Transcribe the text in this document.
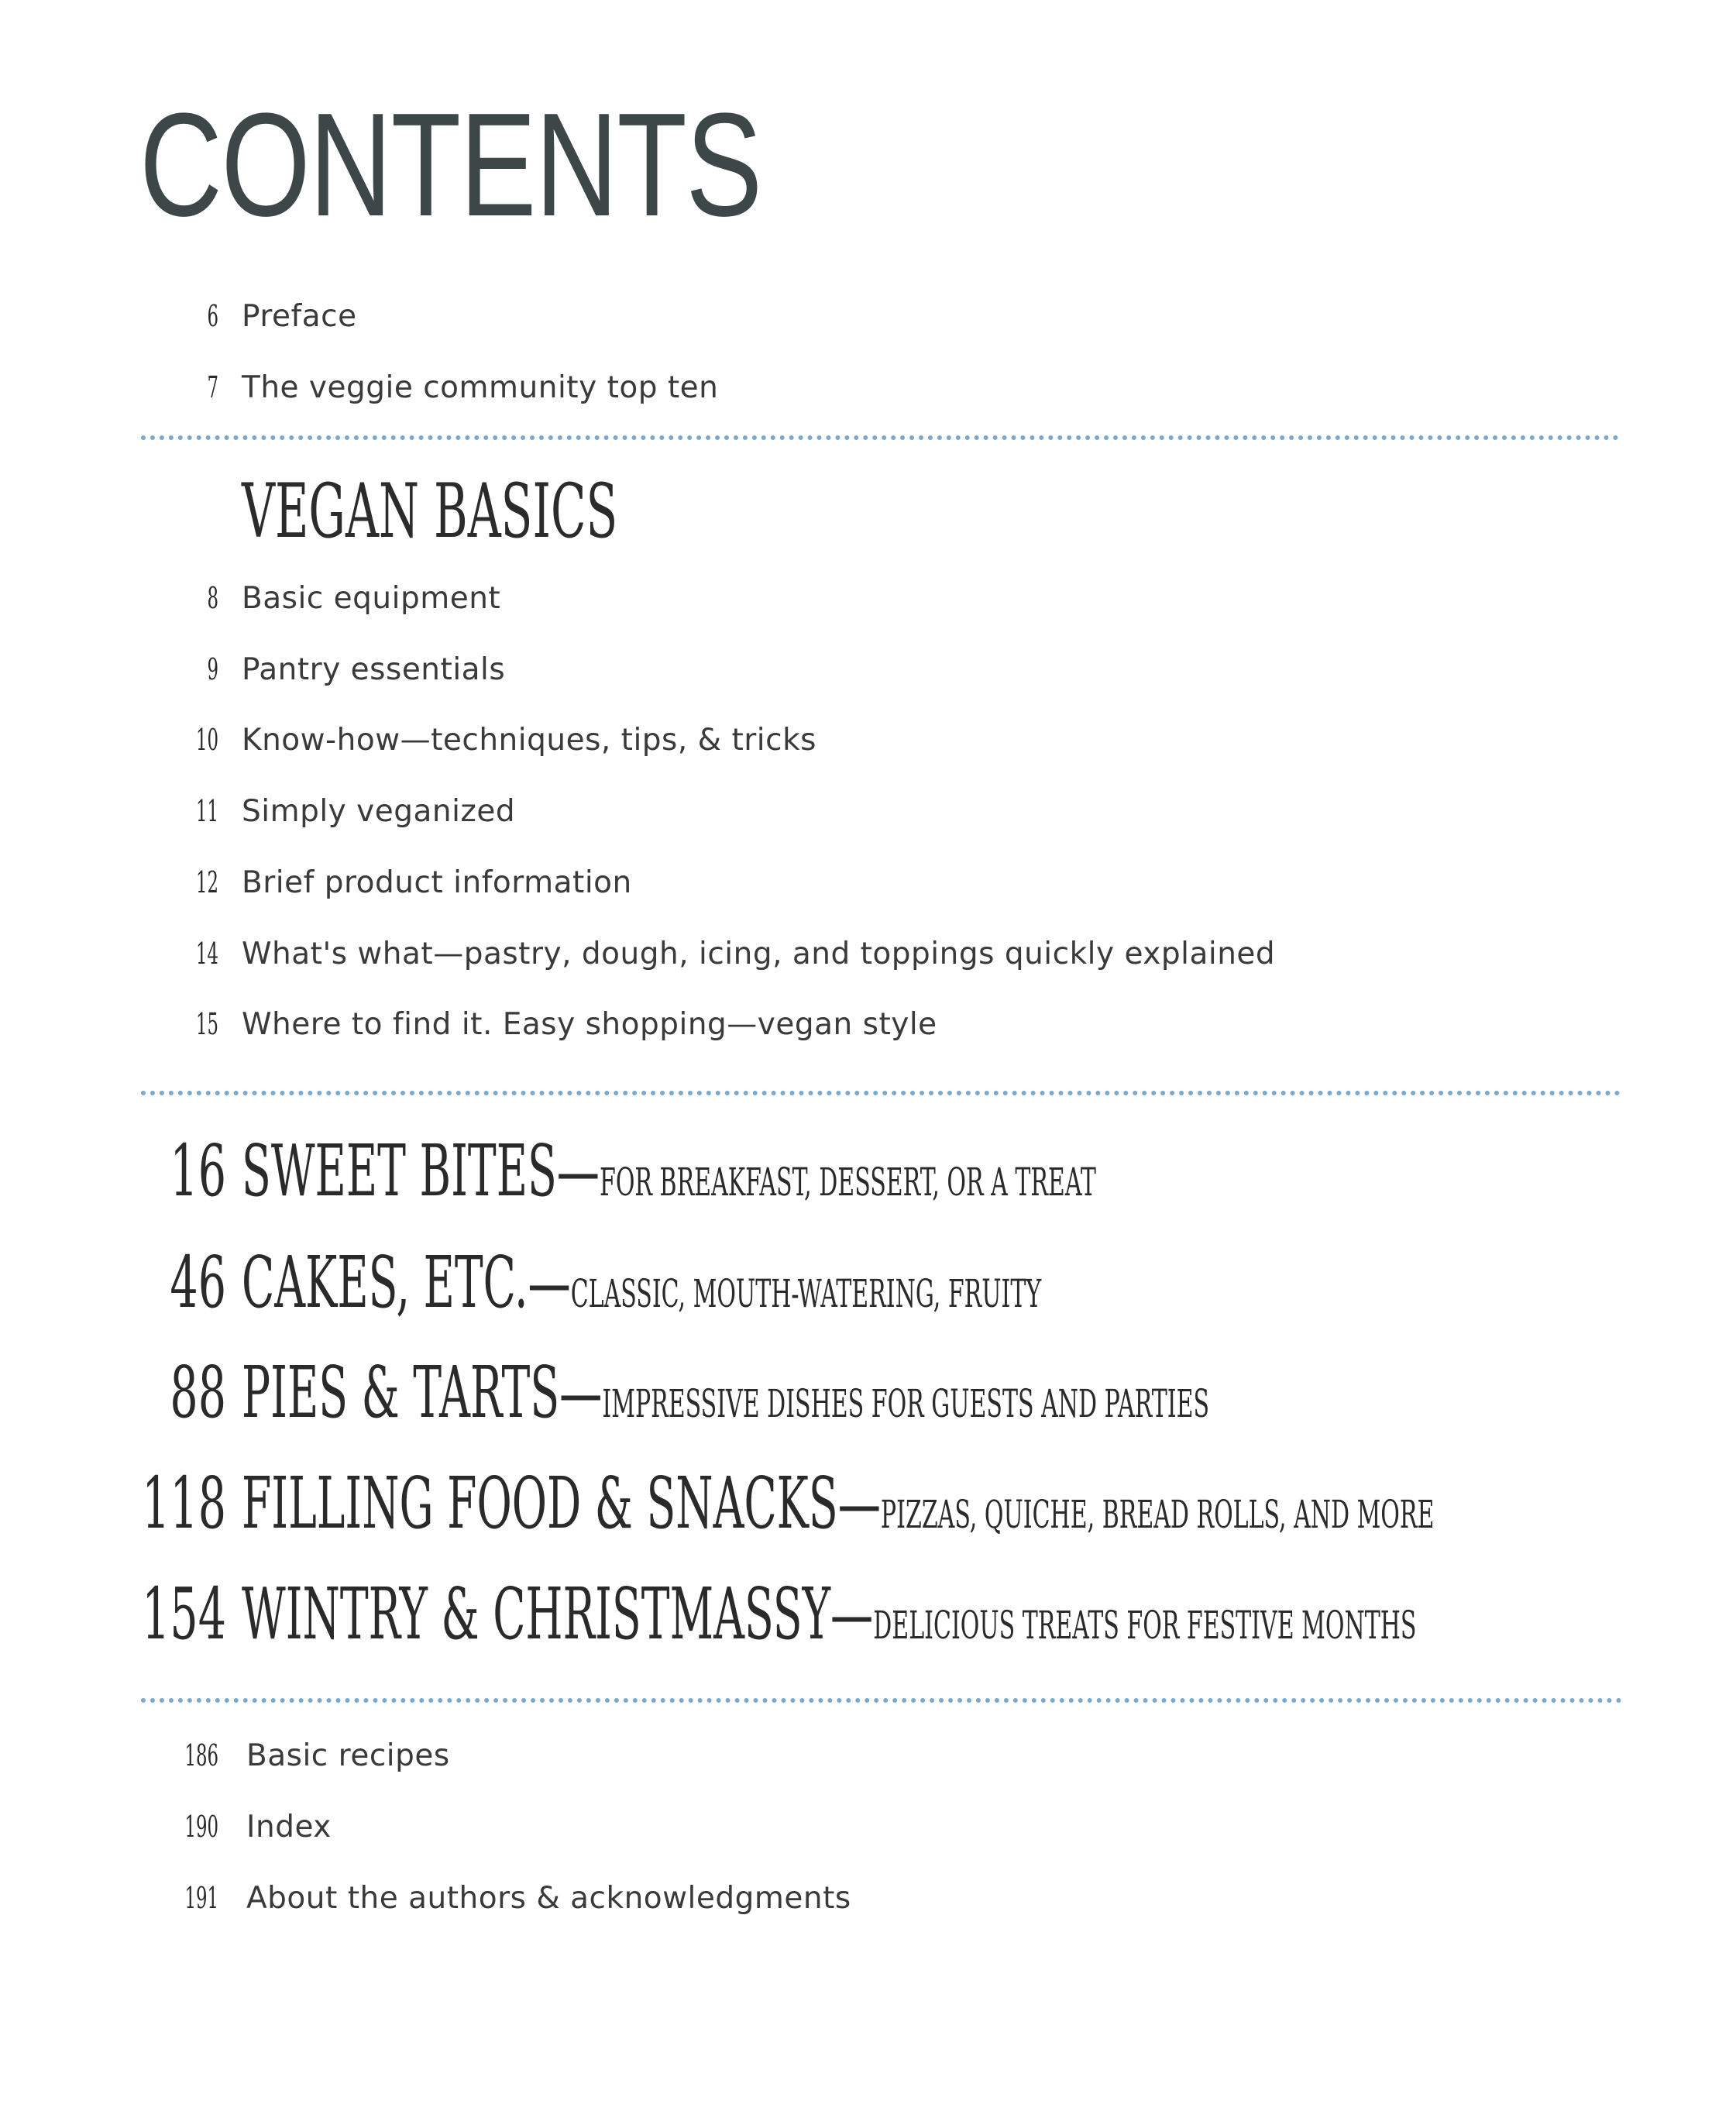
CONTENTS
6 Preface
7 The veggie community top ten
VEGAN BASICS
8 Basic equipment
9 Pantry essentials
10 Know-how—techniques, tips, & tricks
11 Simply veganized
12 Brief product information
14 What's what—pastry, dough, icing, and toppings quickly explained
15 Where to find it. Easy shopping—vegan style
16 SWEET BITES—FOR BREAKFAST, DESSERT, OR A TREAT
46 CAKES, ETC.—CLASSIC, MOUTH-WATERING, FRUITY
88 PIES & TARTS—IMPRESSIVE DISHES FOR GUESTS AND PARTIES
118 FILLING FOOD & SNACKS—PIZZAS, QUICHE, BREAD ROLLS, AND MORE
154 WINTRY & CHRISTMASSY—DELICIOUS TREATS FOR FESTIVE MONTHS
186 Basic recipes
190 Index
191 About the authors & acknowledgments
